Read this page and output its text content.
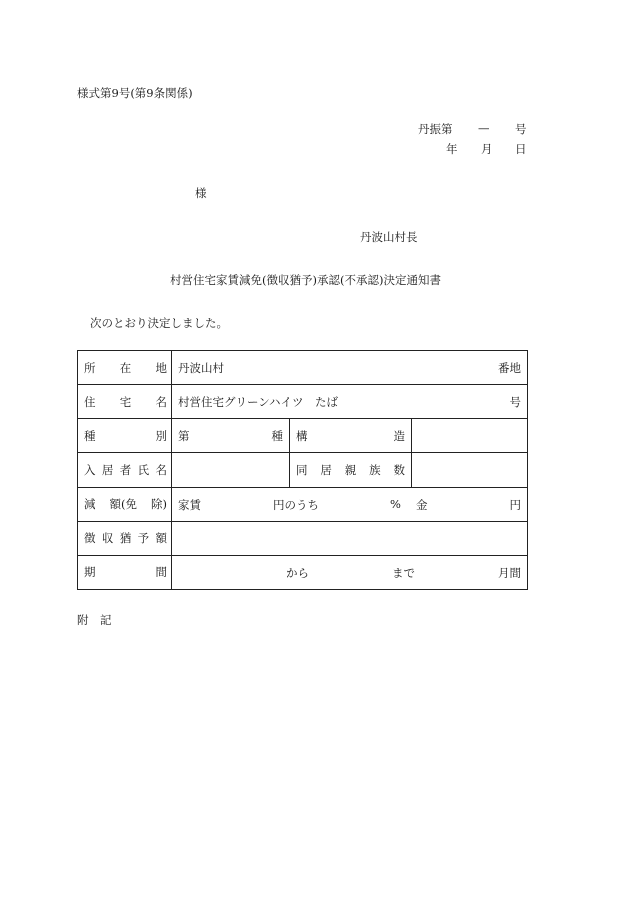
様式第9号(第9条関係)
丹振第 — 号
年 月 日
様
丹波山村長
村営住宅家賃減免(徴収猶予)承認(不承認)決定通知書
次のとおり決定しました。
所 在 地	丹波山村 番地		

住 宅 名	村営住宅グリーンハイツ　たば 号		

種 別	第 種	構 造	

入 居 者 氏 名		同 居 親 族 数	

減 額(免 除)	家賃 円のうち % 金 円		

徴 収 猶 予 額			

期 間	から まで 月間		
附　記
